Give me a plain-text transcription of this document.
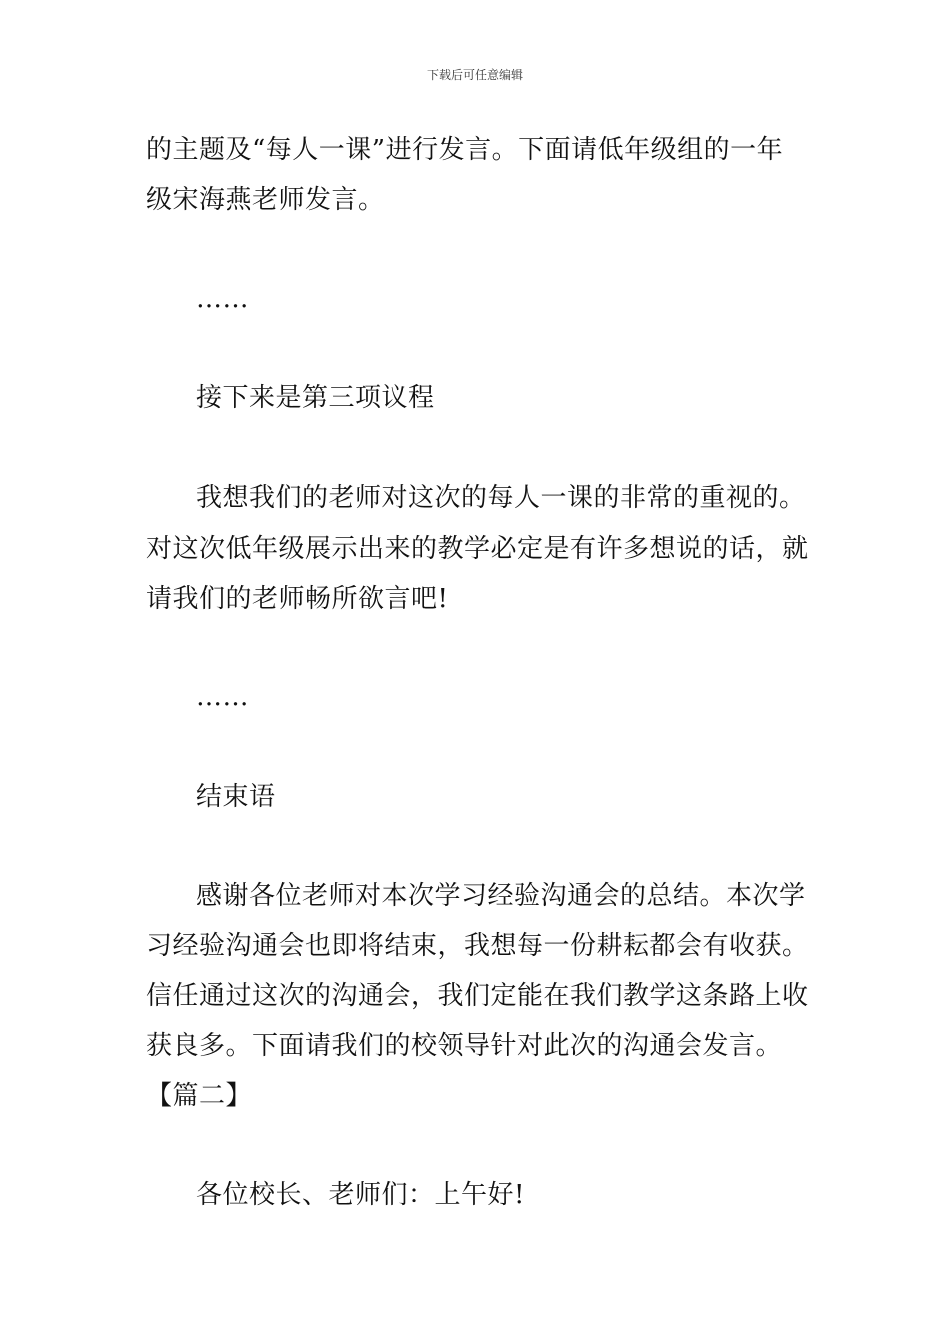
下载后可任意编辑
的主题及“每人一课”进行发言。下面请低年级组的一年
级宋海燕老师发言。
……
接下来是第三项议程
我想我们的老师对这次的每人一课的非常的重视的。
对这次低年级展示出来的教学必定是有许多想说的话，就
请我们的老师畅所欲言吧!
……
结束语
感谢各位老师对本次学习经验沟通会的总结。本次学
习经验沟通会也即将结束，我想每一份耕耘都会有收获。
信任通过这次的沟通会，我们定能在我们教学这条路上收
获良多。下面请我们的校领导针对此次的沟通会发言。
【篇二】
各位校长、老师们：上午好!
